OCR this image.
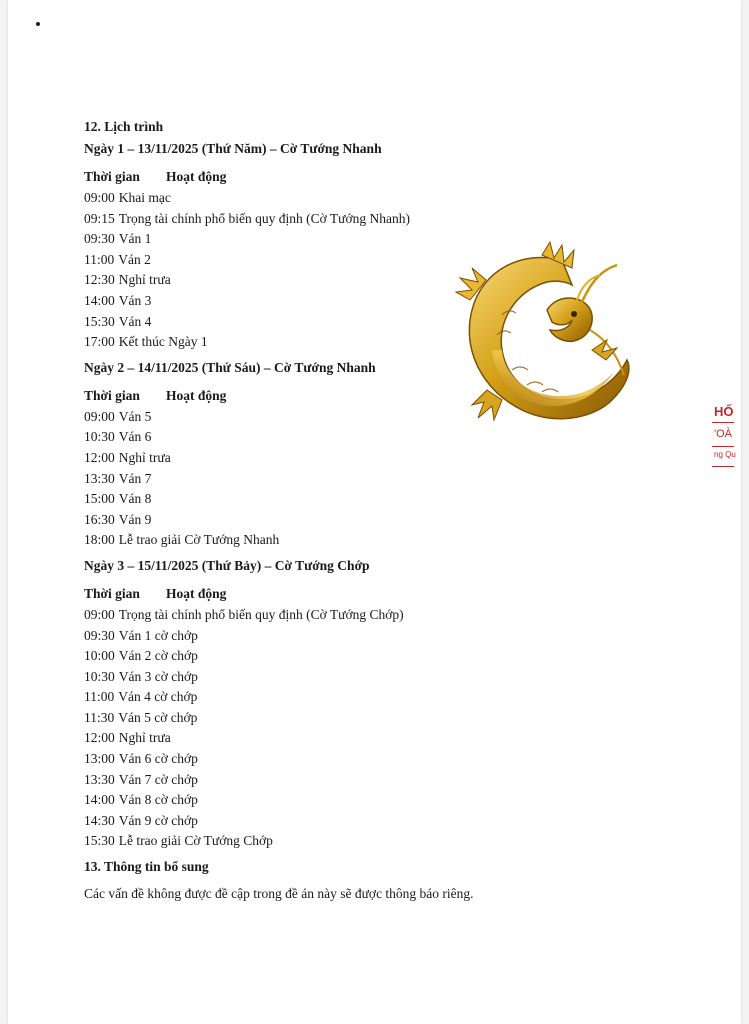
12. Lịch trình

Ngày 1 – 13/11/2025 (Thứ Năm) – Cờ Tướng Nhanh

Thời gian	Hoạt động
09:00 Khai mạc
09:15 Trọng tài chính phổ biến quy định (Cờ Tướng Nhanh)
09:30 Ván 1
11:00 Ván 2
12:30 Nghỉ trưa
14:00 Ván 3
15:30 Ván 4
17:00 Kết thúc Ngày 1

Ngày 2 – 14/11/2025 (Thứ Sáu) – Cờ Tướng Nhanh

Thời gian	Hoạt động
09:00 Ván 5
10:30 Ván 6
12:00 Nghỉ trưa
13:30 Ván 7
15:00 Ván 8
16:30 Ván 9
18:00 Lễ trao giải Cờ Tướng Nhanh

Ngày 3 – 15/11/2025 (Thứ Bảy) – Cờ Tướng Chớp

Thời gian	Hoạt động
09:00 Trọng tài chính phổ biến quy định (Cờ Tướng Chớp)
09:30 Ván 1 cờ chớp
10:00 Ván 2 cờ chớp
10:30 Ván 3 cờ chớp
11:00 Ván 4 cờ chớp
11:30 Ván 5 cờ chớp
12:00 Nghỉ trưa
13:00 Ván 6 cờ chớp
13:30 Ván 7 cờ chớp
14:00 Ván 8 cờ chớp
14:30 Ván 9 cờ chớp
15:30 Lễ trao giải Cờ Tướng Chớp

13. Thông tin bổ sung

Các vấn đề không được đề cập trong đề án này sẽ được thông báo riêng.
HỐ
'OÀ
ng Qu
